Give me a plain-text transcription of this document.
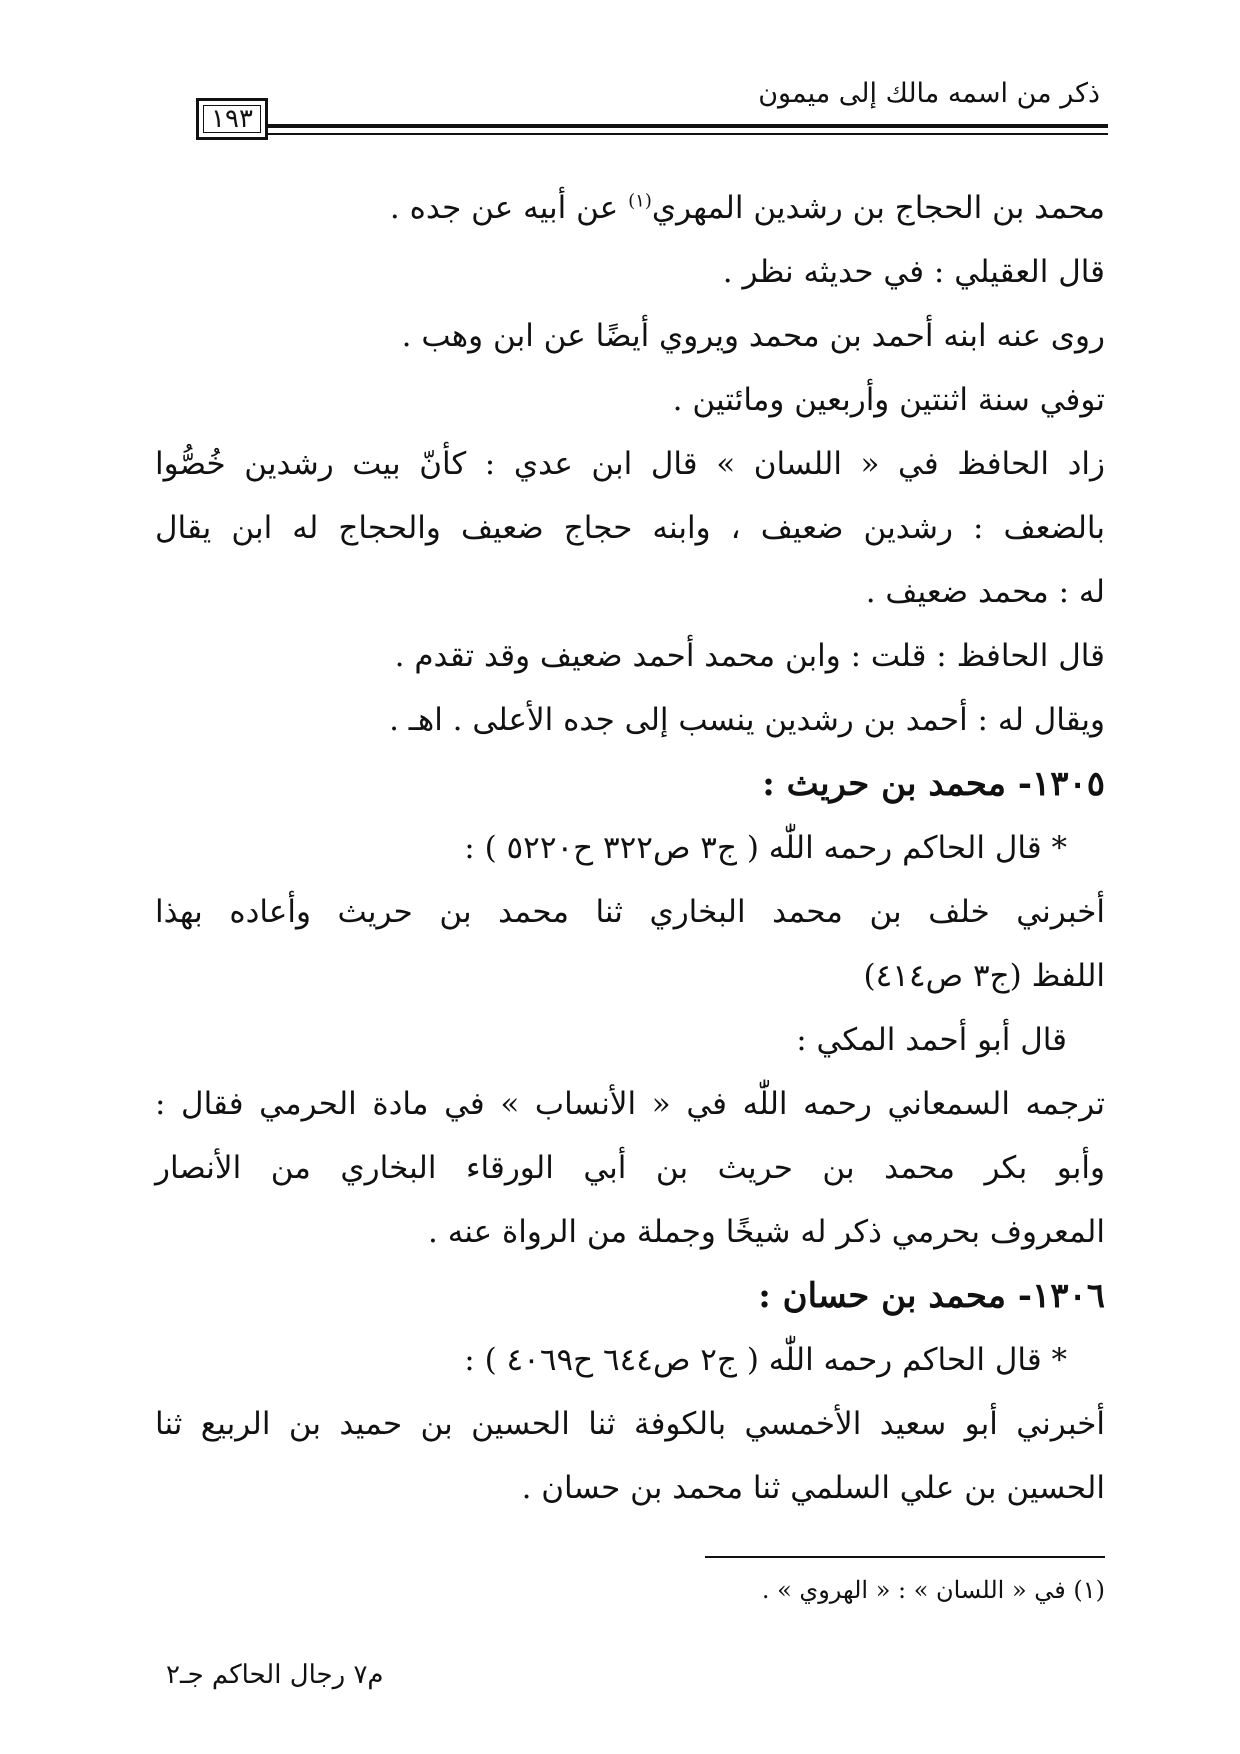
ذكر من اسمه مالك إلى ميمون
١٩٣
محمد بن الحجاج بن رشدين المهري$^{(١)}$ عن أبيه عن جده .
قال العقيلي : في حديثه نظر .
روى عنه ابنه أحمد بن محمد ويروي أيضًا عن ابن وهب .
توفي سنة اثنتين وأربعين ومائتين .
زاد الحافظ في « اللسان » قال ابن عدي : كأنّ بيت رشدين خُصُّوا
بالضعف : رشدين ضعيف ، وابنه حجاج ضعيف والحجاج له ابن يقال
له : محمد ضعيف .
قال الحافظ : قلت : وابن محمد أحمد ضعيف وقد تقدم .
ويقال له : أحمد بن رشدين ينسب إلى جده الأعلى . اهـ .
١٣٠٥- محمد بن حريث :
* قال الحاكم رحمه اللّٰه ( ج٣ ص٣٢٢ ح٥٢٢٠ ) :
أخبرني خلف بن محمد البخاري ثنا محمد بن حريث وأعاده بهذا
اللفظ (ج٣ ص٤١٤)
قال أبو أحمد المكي :
ترجمه السمعاني رحمه اللّٰه في « الأنساب » في مادة الحرمي فقال :
وأبو بكر محمد بن حريث بن أبي الورقاء البخاري من الأنصار
المعروف بحرمي ذكر له شيخًا وجملة من الرواة عنه .
١٣٠٦- محمد بن حسان :
* قال الحاكم رحمه اللّٰه ( ج٢ ص٦٤٤ ح٤٠٦٩ ) :
أخبرني أبو سعيد الأخمسي بالكوفة ثنا الحسين بن حميد بن الربيع ثنا
الحسين بن علي السلمي ثنا محمد بن حسان .
(١) في « اللسان » : « الهروي » .
م٧ رجال الحاكم جـ٢
